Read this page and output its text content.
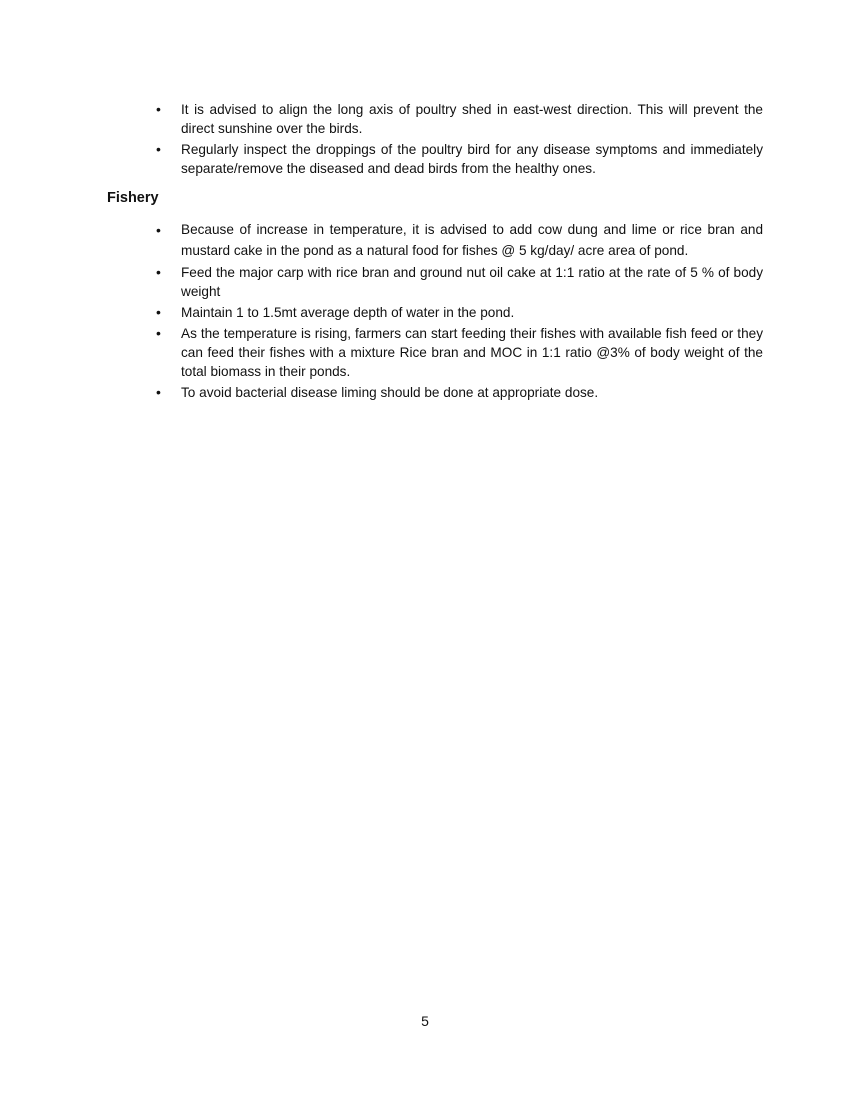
• It is advised to align the long axis of poultry shed in east-west direction. This will prevent the direct sunshine over the birds.
• Regularly inspect the droppings of the poultry bird for any disease symptoms and immediately separate/remove the diseased and dead birds from the healthy ones.
Fishery
• Because of increase in temperature, it is advised to add cow dung and lime or rice bran and mustard cake in the pond as a natural food for fishes @ 5 kg/day/ acre area of pond.
• Feed the major carp with rice bran and ground nut oil cake at 1:1 ratio at the rate of 5 % of body weight
• Maintain 1 to 1.5mt average depth of water in the pond.
• As the temperature is rising, farmers can start feeding their fishes with available fish feed or they can feed their fishes with a mixture Rice bran and MOC in 1:1 ratio @3% of body weight of the total biomass in their ponds.
• To avoid bacterial disease liming should be done at appropriate dose.
5
